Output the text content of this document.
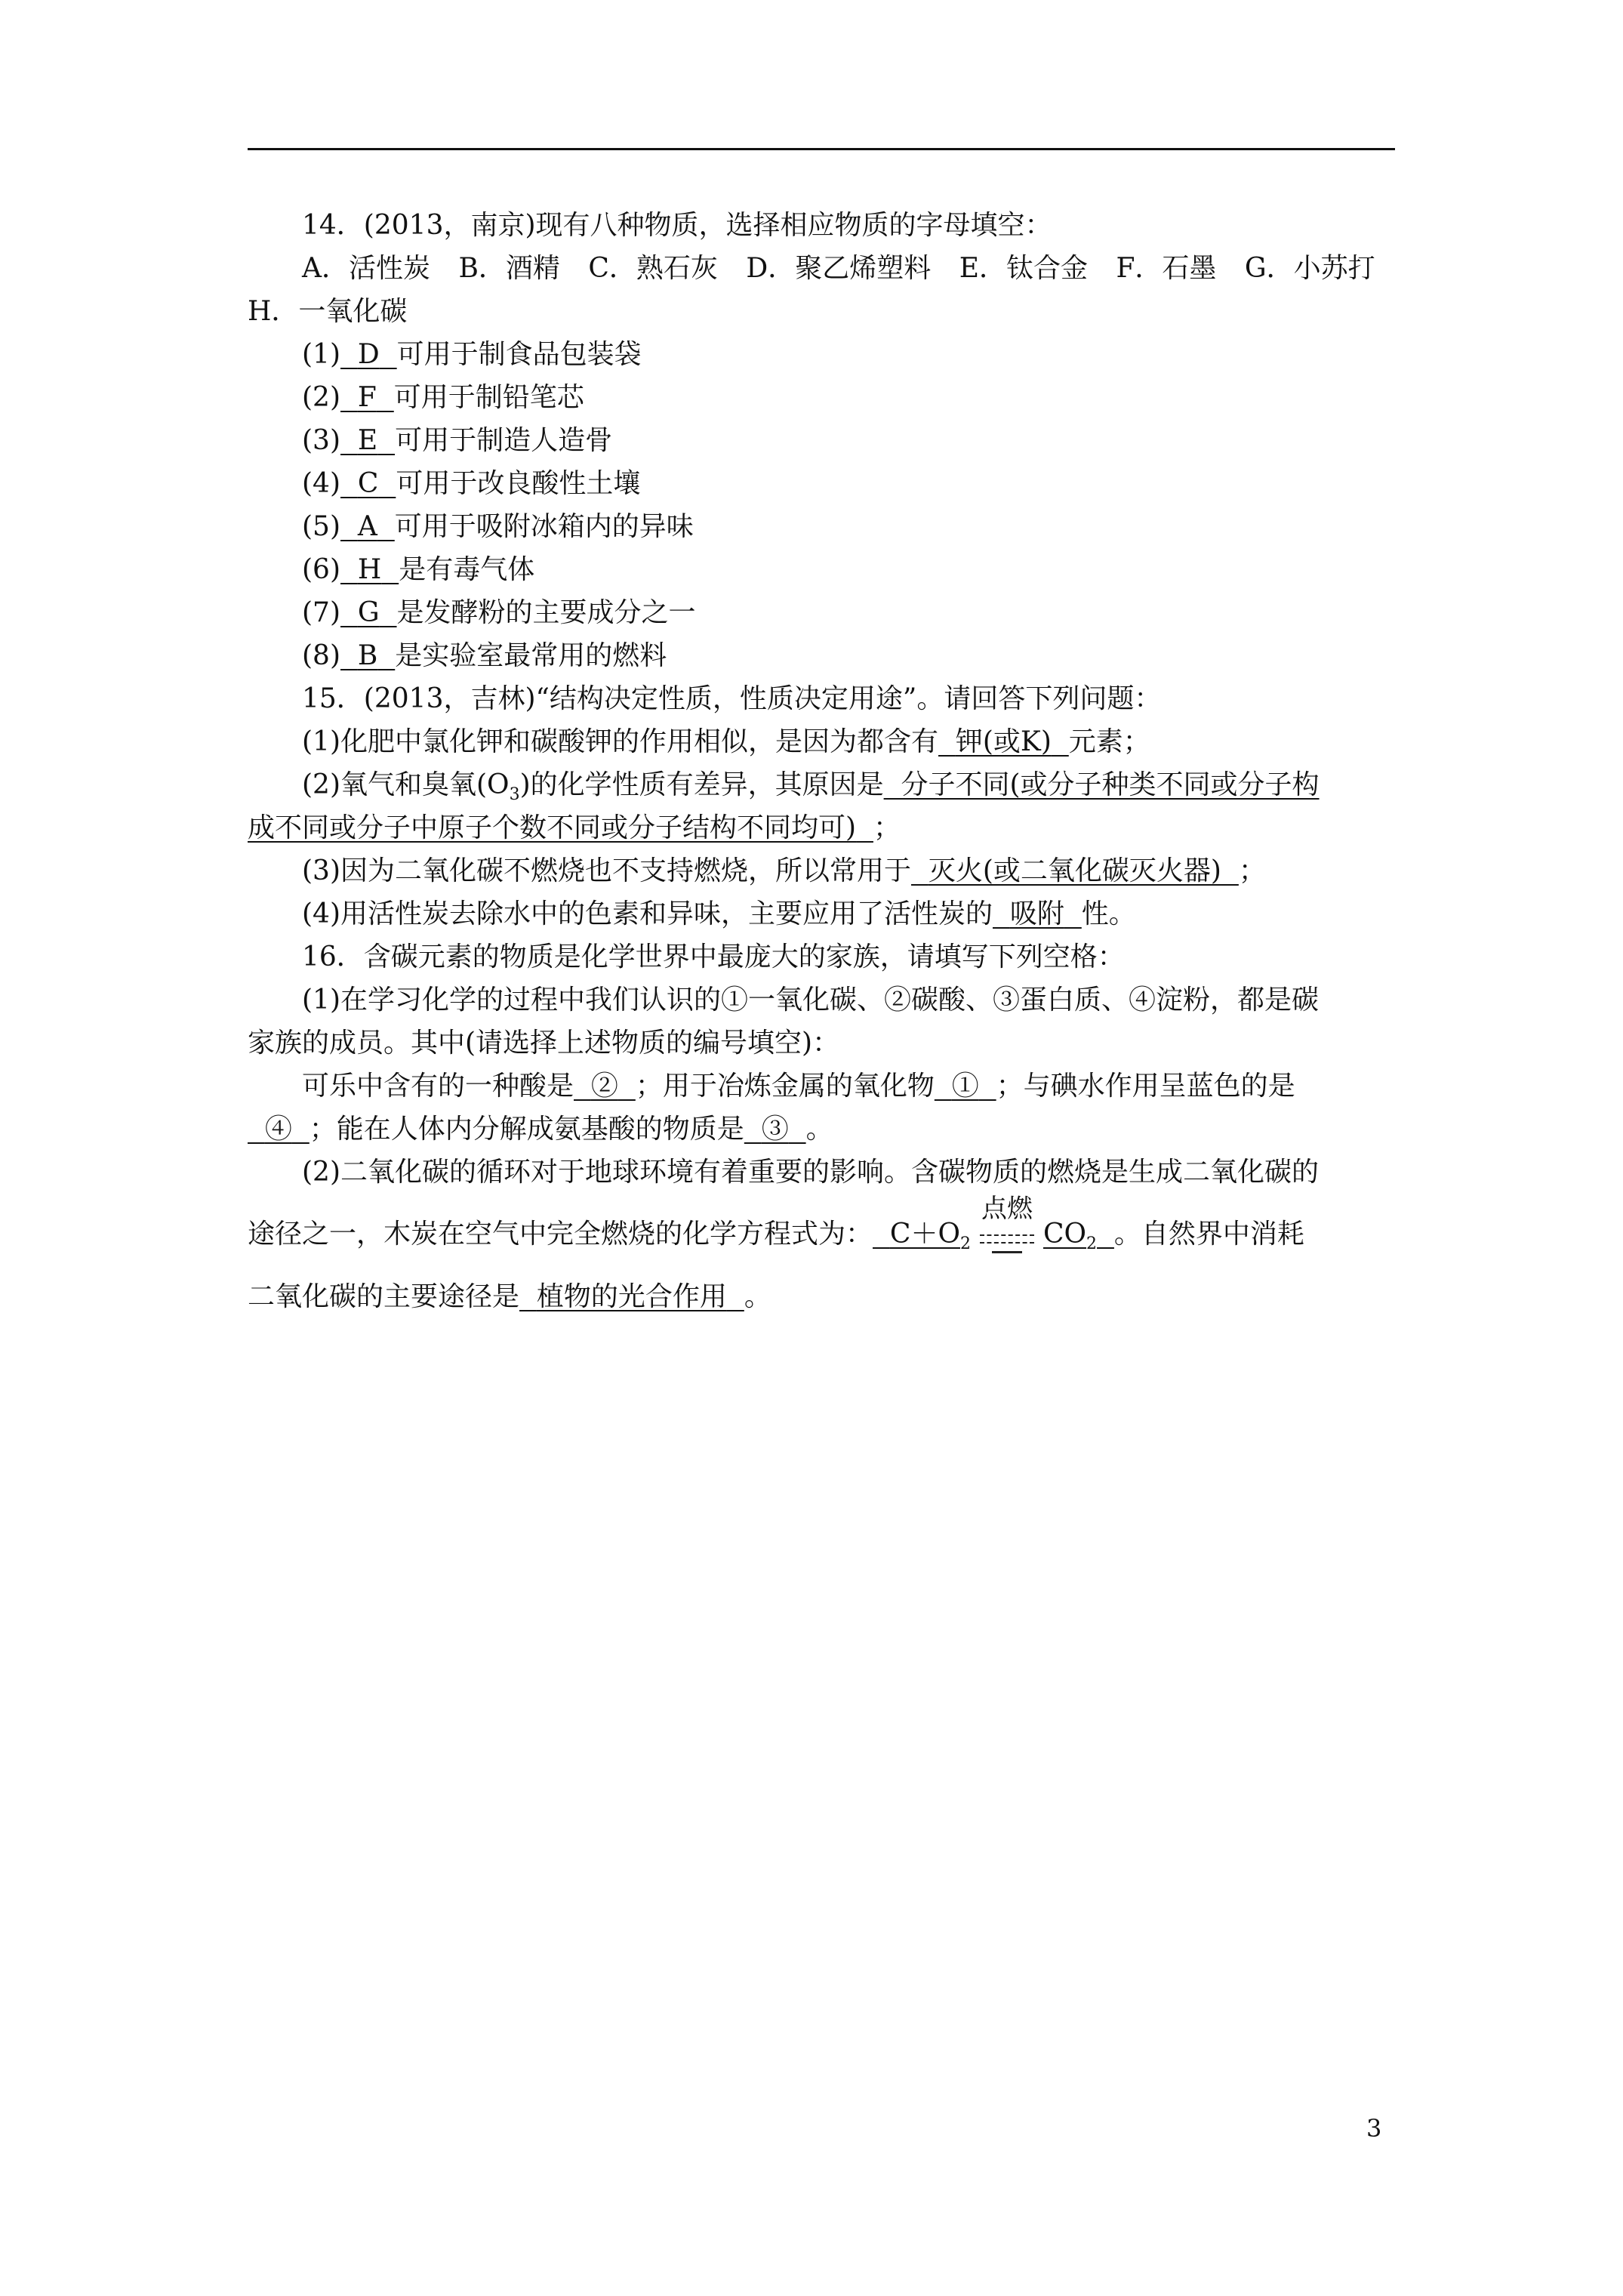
14．(2013，南京)现有八种物质，选择相应物质的字母填空：
A．活性炭 B．酒精 C．熟石灰 D．聚乙烯塑料 E．钛合金 F．石墨 G．小苏打
H．一氧化碳
(1) D 可用于制食品包装袋
(2) F 可用于制铅笔芯
(3) E 可用于制造人造骨
(4) C 可用于改良酸性土壤
(5) A 可用于吸附冰箱内的异味
(6) H 是有毒气体
(7) G 是发酵粉的主要成分之一
(8) B 是实验室最常用的燃料
15．(2013，吉林)“结构决定性质，性质决定用途”。请回答下列问题：
(1)化肥中氯化钾和碳酸钾的作用相似，是因为都含有 钾(或K) 元素；
(2)氧气和臭氧$(O_3)$的化学性质有差异，其原因是 分子不同(或分子种类不同或分子构
成不同或分子中原子个数不同或分子结构不同均可) ；
(3)因为二氧化碳不燃烧也不支持燃烧，所以常用于 灭火(或二氧化碳灭火器) ；
(4)用活性炭去除水中的色素和异味，主要应用了活性炭的 吸附 性。
16．含碳元素的物质是化学世界中最庞大的家族，请填写下列空格：
(1)在学习化学的过程中我们认识的①一氧化碳、②碳酸、③蛋白质、④淀粉，都是碳
家族的成员。其中(请选择上述物质的编号填空)：
可乐中含有的一种酸是 ② ；用于冶炼金属的氧化物 ① ；与碘水作用呈蓝色的是
④ ；能在人体内分解成氨基酸的物质是 ③ 。
(2)二氧化碳的循环对于地球环境有着重要的影响。含碳物质的燃烧是生成二氧化碳的
途径之一，木炭在空气中完全燃烧的化学方程式为： $C+O_2$
点燃
$CO_2$ 。自然界中消耗
二氧化碳的主要途径是 植物的光合作用 。
3
